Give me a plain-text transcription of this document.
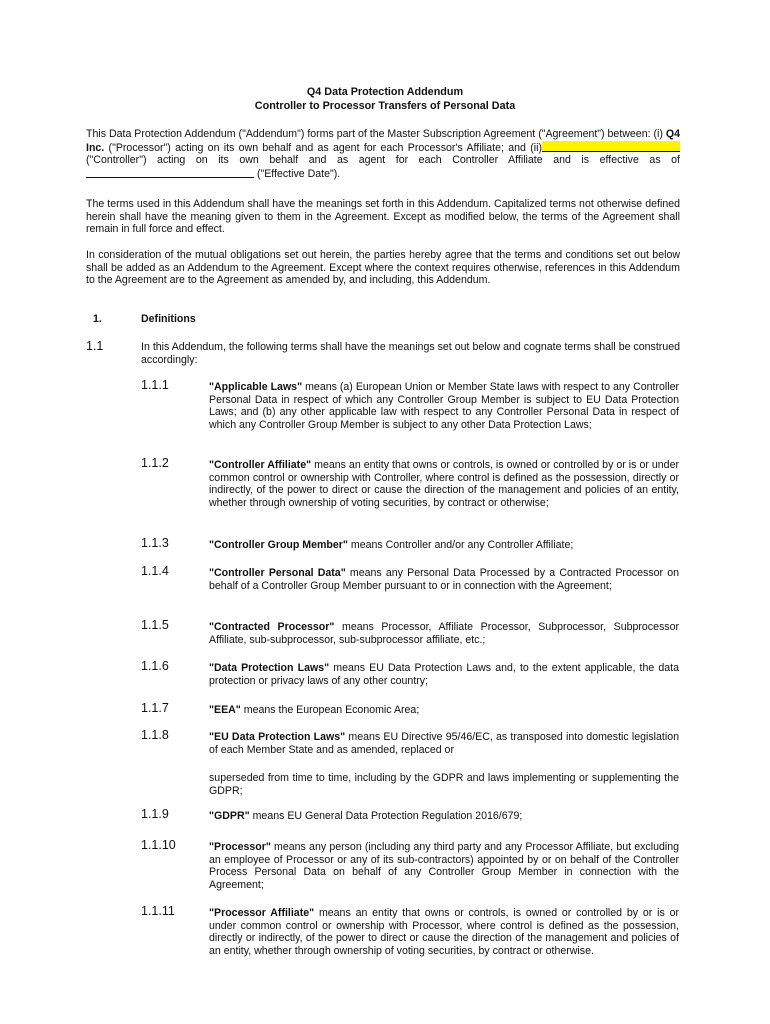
Q4 Data Protection Addendum
Controller to Processor Transfers of Personal Data
This Data Protection Addendum ("Addendum") forms part of the Master Subscription Agreement ("Agreement") between: (i) Q4 Inc. ("Processor") acting on its own behalf and as agent for each Processor's Affiliate; and (ii) ("Controller") acting on its own behalf and as agent for each Controller Affiliate and is effective as of  ("Effective Date").
The terms used in this Addendum shall have the meanings set forth in this Addendum. Capitalized terms not otherwise defined herein shall have the meaning given to them in the Agreement. Except as modified below, the terms of the Agreement shall remain in full force and effect.
In consideration of the mutual obligations set out herein, the parties hereby agree that the terms and conditions set out below shall be added as an Addendum to the Agreement. Except where the context requires otherwise, references in this Addendum to the Agreement are to the Agreement as amended by, and including, this Addendum.
1.	Definitions
1.1	In this Addendum, the following terms shall have the meanings set out below and cognate terms shall be construed accordingly:
1.1.1	"Applicable Laws" means (a) European Union or Member State laws with respect to any Controller Personal Data in respect of which any Controller Group Member is subject to EU Data Protection Laws; and (b) any other applicable law with respect to any Controller Personal Data in respect of which any Controller Group Member is subject to any other Data Protection Laws;
1.1.2	"Controller Affiliate" means an entity that owns or controls, is owned or controlled by or is or under common control or ownership with Controller, where control is defined as the possession, directly or indirectly, of the power to direct or cause the direction of the management and policies of an entity, whether through ownership of voting securities, by contract or otherwise;
1.1.3	"Controller Group Member" means Controller and/or any Controller Affiliate;
1.1.4	"Controller Personal Data" means any Personal Data Processed by a Contracted Processor on behalf of a Controller Group Member pursuant to or in connection with the Agreement;
1.1.5	"Contracted Processor" means Processor, Affiliate Processor, Subprocessor, Subprocessor Affiliate, sub-subprocessor, sub-subprocessor affiliate, etc.;
1.1.6	"Data Protection Laws" means EU Data Protection Laws and, to the extent applicable, the data protection or privacy laws of any other country;
1.1.7	"EEA" means the European Economic Area;
1.1.8	"EU Data Protection Laws" means EU Directive 95/46/EC, as transposed into domestic legislation of each Member State and as amended, replaced or
superseded from time to time, including by the GDPR and laws implementing or supplementing the GDPR;
1.1.9	"GDPR" means EU General Data Protection Regulation 2016/679;
1.1.10	"Processor" means any person (including any third party and any Processor Affiliate, but excluding an employee of Processor or any of its sub-contractors) appointed by or on behalf of the Controller Process Personal Data on behalf of any Controller Group Member in connection with the Agreement;
1.1.11	"Processor Affiliate" means an entity that owns or controls, is owned or controlled by or is or under common control or ownership with Processor, where control is defined as the possession, directly or indirectly, of the power to direct or cause the direction of the management and policies of an entity, whether through ownership of voting securities, by contract or otherwise.
